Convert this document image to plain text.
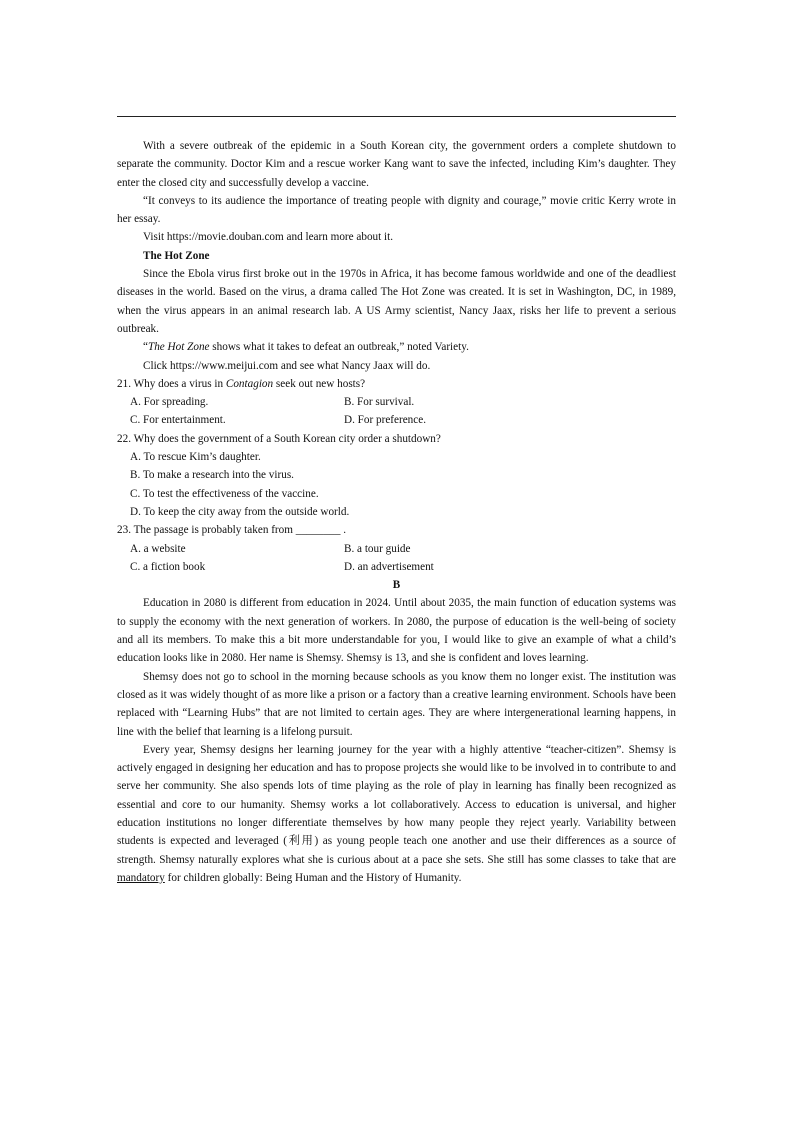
With a severe outbreak of the epidemic in a South Korean city, the government orders a complete shutdown to separate the community. Doctor Kim and a rescue worker Kang want to save the infected, including Kim’s daughter. They enter the closed city and successfully develop a vaccine.

“It conveys to its audience the importance of treating people with dignity and courage,” movie critic Kerry wrote in her essay.

Visit https://movie.douban.com and learn more about it.

The Hot Zone

Since the Ebola virus first broke out in the 1970s in Africa, it has become famous worldwide and one of the deadliest diseases in the world. Based on the virus, a drama called The Hot Zone was created. It is set in Washington, DC, in 1989, when the virus appears in an animal research lab. A US Army scientist, Nancy Jaax, risks her life to prevent a serious outbreak.

“The Hot Zone shows what it takes to defeat an outbreak,” noted Variety.

Click https://www.meijui.com and see what Nancy Jaax will do.

21. Why does a virus in Contagion seek out new hosts?

A. For spreading.	B. For survival.
C. For entertainment.	D. For preference.

22. Why does the government of a South Korean city order a shutdown?

A. To rescue Kim’s daughter.

B. To make a research into the virus.

C. To test the effectiveness of the vaccine.

D. To keep the city away from the outside world.

23. The passage is probably taken from ________ .

A. a website	B. a tour guide
C. a fiction book	D. an advertisement

B

Education in 2080 is different from education in 2024. Until about 2035, the main function of education systems was to supply the economy with the next generation of workers. In 2080, the purpose of education is the well-being of society and all its members. To make this a bit more understandable for you, I would like to give an example of what a child’s education looks like in 2080. Her name is Shemsy. Shemsy is 13, and she is confident and loves learning.

Shemsy does not go to school in the morning because schools as you know them no longer exist. The institution was closed as it was widely thought of as more like a prison or a factory than a creative learning environment. Schools have been replaced with “Learning Hubs” that are not limited to certain ages. They are where intergenerational learning happens, in line with the belief that learning is a lifelong pursuit.

Every year, Shemsy designs her learning journey for the year with a highly attentive “teacher-citizen”. Shemsy is actively engaged in designing her education and has to propose projects she would like to be involved in to contribute to and serve her community. She also spends lots of time playing as the role of play in learning has finally been recognized as essential and core to our humanity. Shemsy works a lot collaboratively. Access to education is universal, and higher education institutions no longer differentiate themselves by how many people they reject yearly. Variability between students is expected and leveraged (利用) as young people teach one another and use their differences as a source of strength. Shemsy naturally explores what she is curious about at a pace she sets. She still has some classes to take that are mandatory for children globally: Being Human and the History of Humanity.
